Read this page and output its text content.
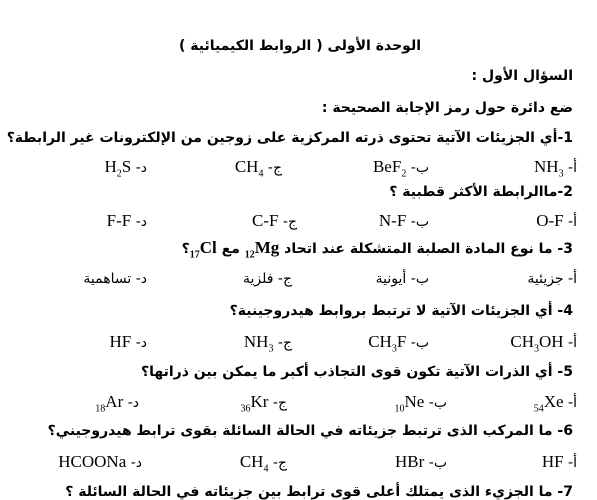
الوحدة الأولى ( الروابط الكيميائية )
السؤال الأول :
ضع دائرة حول رمز الإجابة الصحيحة :
1-أي الجزيئات الآتية تحتوى ذرته المركزية على زوجين من الإلكترونات غير الرابطة؟
أ- $NH_3$
ب- BeF$_2$
ج- $CH_4$
د- $H_2S$
2-ماالرابطة الأكثر قطبية ؟
أ- O-F
ب- N-F
ج- C-F
د- F-F
3- ما نوع المادة الصلبة المتشكلة عند اتحاد $_{12}$Mg مع $_{17}$Cl؟
أ- جزيئية
ب- أيونية
ج- فلزية
د- تساهمية
4- أي الجزيئات الآتية لا ترتبط بروابط هيدروجينية؟
أ- $CH_3OH$
ب- $CH_3F$
ج- $NH_3$
د- HF
5- أي الذرات الآتية تكون قوى التجاذب أكبر ما يمكن بين ذراتها؟
أ- $_{54}$Xe
ب- $_{10}$Ne
ج- $_{36}$Kr
د- $_{18}$Ar
6- ما المركب الذى ترتبط جزيئاته في الحالة السائلة بقوى ترابط هيدروجيني؟
أ- HF
ب- HBr
ج- $CH_4$
د- HCOONa
7- ما الجزيء الذى يمتلك أعلى قوى ترابط بين جزيئاته في الحالة السائلة ؟
